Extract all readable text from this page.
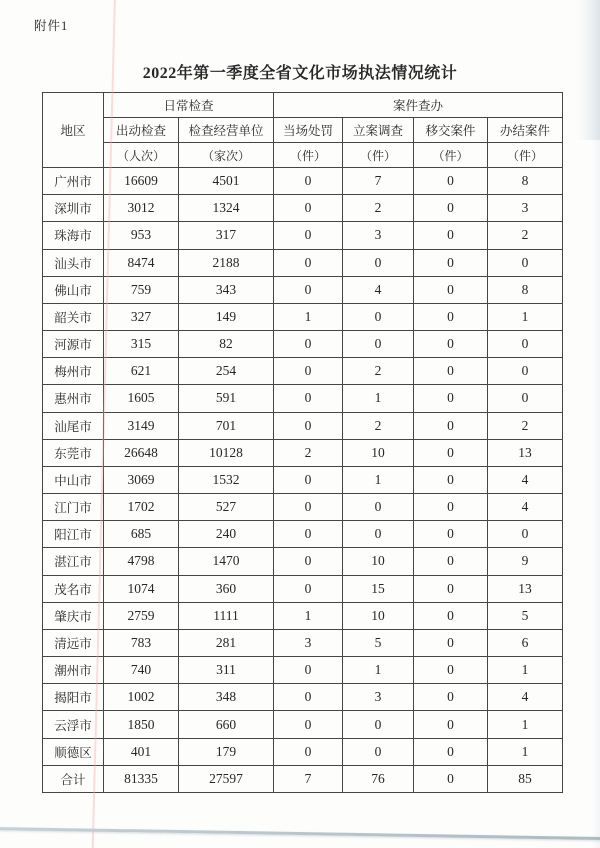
附件1
2022年第一季度全省文化市场执法情况统计
地区	日常检查		案件查办			
	出动检查	检查经营单位	当场处罚	立案调查	移交案件	办结案件
	（人次）	（家次）	（件）	（件）	（件）	（件）
广州市	16609	4501	0	7	0	8
深圳市	3012	1324	0	2	0	3
珠海市	953	317	0	3	0	2
汕头市	8474	2188	0	0	0	0
佛山市	759	343	0	4	0	8
韶关市	327	149	1	0	0	1
河源市	315	82	0	0	0	0
梅州市	621	254	0	2	0	0
惠州市	1605	591	0	1	0	0
汕尾市	3149	701	0	2	0	2
东莞市	26648	10128	2	10	0	13
中山市	3069	1532	0	1	0	4
江门市	1702	527	0	0	0	4
阳江市	685	240	0	0	0	0
湛江市	4798	1470	0	10	0	9
茂名市	1074	360	0	15	0	13
肇庆市	2759	1111	1	10	0	5
清远市	783	281	3	5	0	6
潮州市	740	311	0	1	0	1
揭阳市	1002	348	0	3	0	4
云浮市	1850	660	0	0	0	1
顺德区	401	179	0	0	0	1
合计	81335	27597	7	76	0	85
